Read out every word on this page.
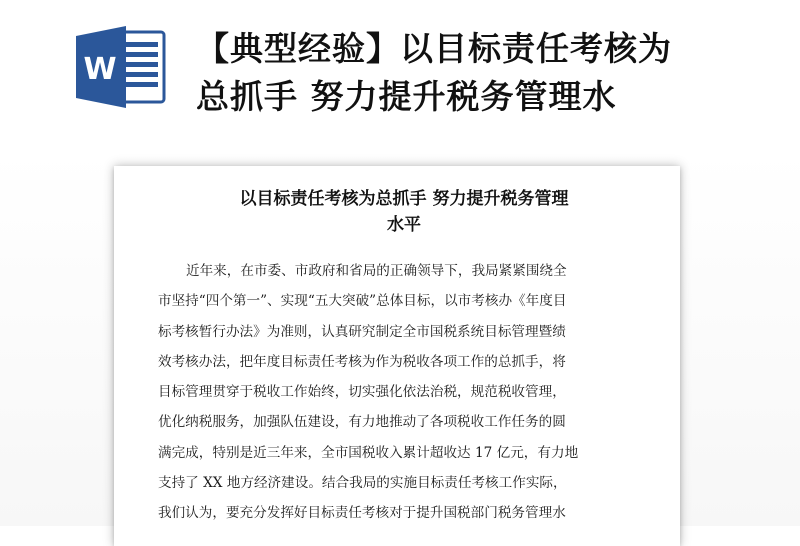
W
【典型经验】以目标责任考核为
总抓手 努力提升税务管理水
以目标责任考核为总抓手 努力提升税务管理
水平
近年来，在市委、市政府和省局的正确领导下，我局紧紧围绕全
市坚持“四个第一”、实现“五大突破”总体目标，以市考核办《年度目
标考核暂行办法》为准则，认真研究制定全市国税系统目标管理暨绩
效考核办法，把年度目标责任考核为作为税收各项工作的总抓手，将
目标管理贯穿于税收工作始终，切实强化依法治税，规范税收管理，
优化纳税服务，加强队伍建设，有力地推动了各项税收工作任务的圆
满完成，特别是近三年来，全市国税收入累计超收达 17 亿元，有力地
支持了 XX 地方经济建设。结合我局的实施目标责任考核工作实际，
我们认为，要充分发挥好目标责任考核对于提升国税部门税务管理水
